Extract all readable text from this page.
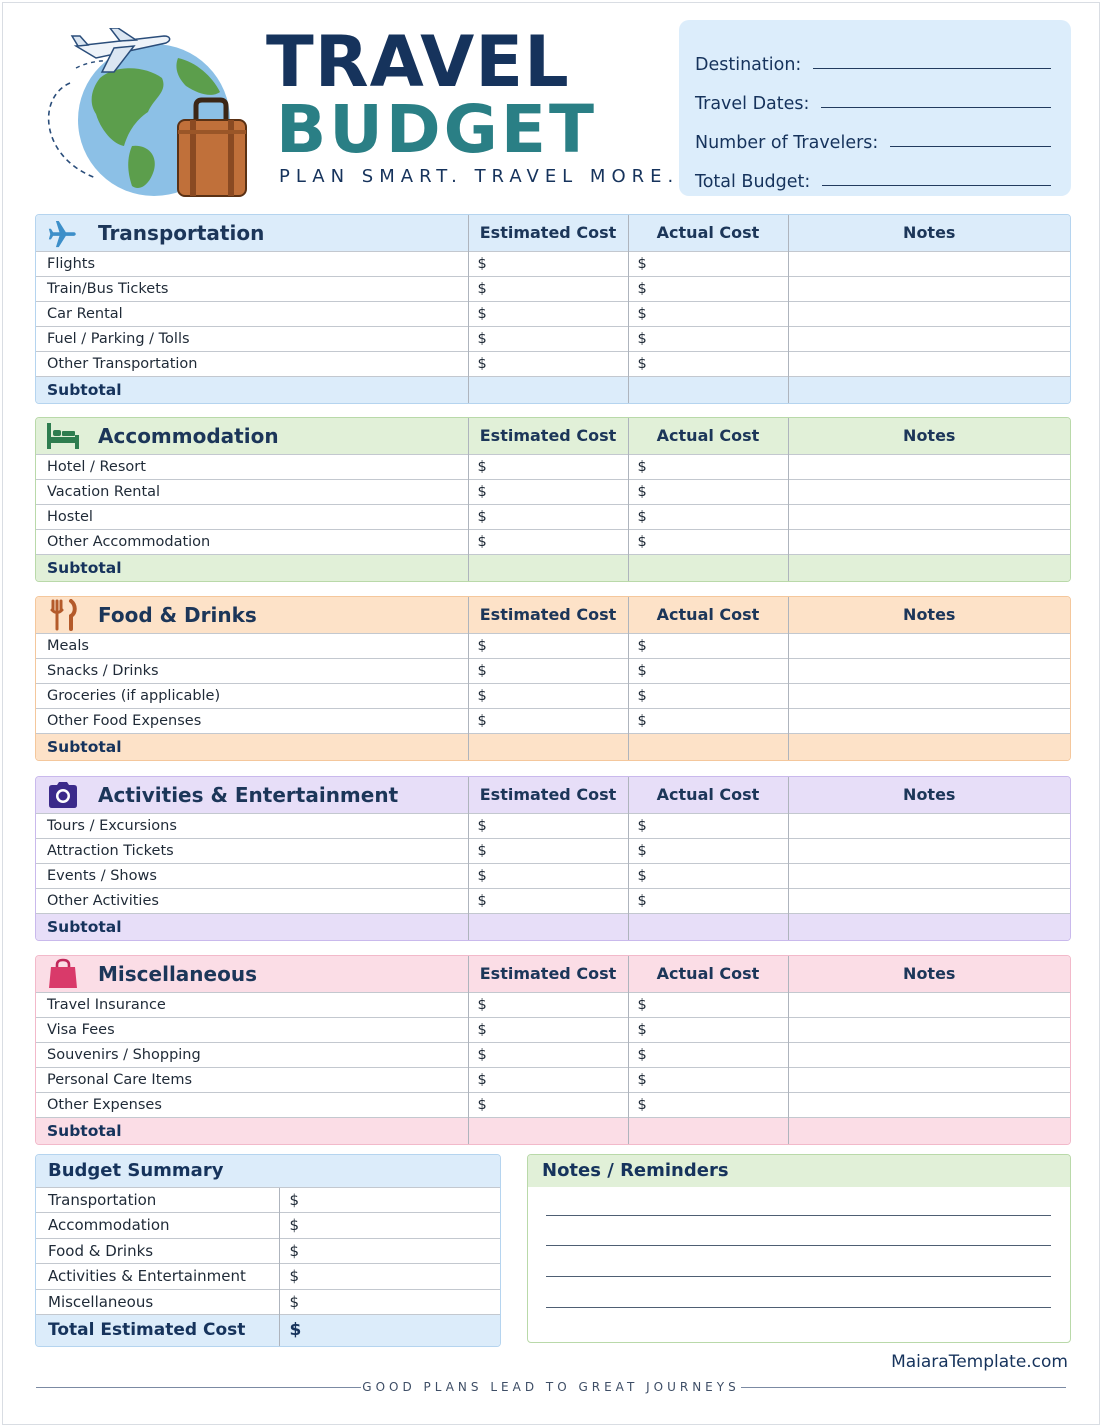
TRAVEL
BUDGET
PLAN SMART. TRAVEL MORE.
Destination:
Travel Dates:
Number of Travelers:
Total Budget:
Transportation	Estimated Cost	Actual Cost	Notes
Flights	$	$	
Train/Bus Tickets	$	$	
Car Rental	$	$	
Fuel / Parking / Tolls	$	$	
Other Transportation	$	$	
Subtotal			
Accommodation	Estimated Cost	Actual Cost	Notes
Hotel / Resort	$	$	
Vacation Rental	$	$	
Hostel	$	$	
Other Accommodation	$	$	
Subtotal			
Food & Drinks	Estimated Cost	Actual Cost	Notes
Meals	$	$	
Snacks / Drinks	$	$	
Groceries (if applicable)	$	$	
Other Food Expenses	$	$	
Subtotal			
Activities & Entertainment	Estimated Cost	Actual Cost	Notes
Tours / Excursions	$	$	
Attraction Tickets	$	$	
Events / Shows	$	$	
Other Activities	$	$	
Subtotal			
Miscellaneous	Estimated Cost	Actual Cost	Notes
Travel Insurance	$	$	
Visa Fees	$	$	
Souvenirs / Shopping	$	$	
Personal Care Items	$	$	
Other Expenses	$	$	
Subtotal			
Budget Summary	
Transportation	$
Accommodation	$
Food & Drinks	$
Activities & Entertainment	$
Miscellaneous	$
Total Estimated Cost	$
Notes / Reminders
MaiaraTemplate.com
GOOD PLANS LEAD TO GREAT JOURNEYS
